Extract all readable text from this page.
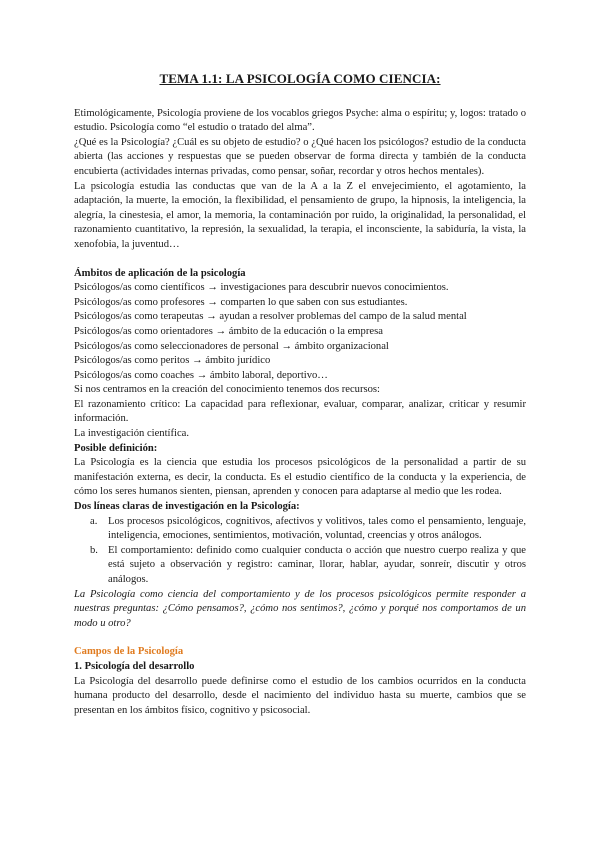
TEMA 1.1: LA PSICOLOGÍA COMO CIENCIA:

Etimológicamente, Psicología proviene de los vocablos griegos Psyche: alma o espíritu; y, logos: tratado o estudio. Psicología como “el estudio o tratado del alma”.

¿Qué es la Psicología? ¿Cuál es su objeto de estudio? o ¿Qué hacen los psicólogos? estudio de la conducta abierta (las acciones y respuestas que se pueden observar de forma directa y también de la conducta encubierta (actividades internas privadas, como pensar, soñar, recordar y otros hechos mentales).

La psicología estudia las conductas que van de la A a la Z el envejecimiento, el agotamiento, la adaptación, la muerte, la emoción, la flexibilidad, el pensamiento de grupo, la hipnosis, la inteligencia, la alegría, la cinestesia, el amor, la memoria, la contaminación por ruido, la originalidad, la personalidad, el razonamiento cuantitativo, la represión, la sexualidad, la terapia, el inconsciente, la sabiduría, la vista, la xenofobia, la juventud…

Ámbitos de aplicación de la psicología

Psicólogos/as como científicos → investigaciones para descubrir nuevos conocimientos.

Psicólogos/as como profesores → comparten lo que saben con sus estudiantes.

Psicólogos/as como terapeutas → ayudan a resolver problemas del campo de la salud mental

Psicólogos/as como orientadores → ámbito de la educación o la empresa

Psicólogos/as como seleccionadores de personal → ámbito organizacional

Psicólogos/as como peritos → ámbito jurídico

Psicólogos/as como coaches → ámbito laboral, deportivo…

Si nos centramos en la creación del conocimiento tenemos dos recursos:

El razonamiento crítico: La capacidad para reflexionar, evaluar, comparar, analizar, criticar y resumir información.

La investigación científica.

Posible definición:

La Psicología es la ciencia que estudia los procesos psicológicos de la personalidad a partir de su manifestación externa, es decir, la conducta. Es el estudio científico de la conducta y la experiencia, de cómo los seres humanos sienten, piensan, aprenden y conocen para adaptarse al medio que les rodea.

Dos líneas claras de investigación en la Psicología:

a. Los procesos psicológicos, cognitivos, afectivos y volitivos, tales como el pensamiento, lenguaje, inteligencia, emociones, sentimientos, motivación, voluntad, creencias y otros análogos.
b. El comportamiento: definido como cualquier conducta o acción que nuestro cuerpo realiza y que está sujeto a observación y registro: caminar, llorar, hablar, ayudar, sonreír, discutir y otros análogos.

La Psicología como ciencia del comportamiento y de los procesos psicológicos permite responder a nuestras preguntas: ¿Cómo pensamos?, ¿cómo nos sentimos?, ¿cómo y porqué nos comportamos de un modo u otro?

Campos de la Psicología

1. Psicología del desarrollo

La Psicología del desarrollo puede definirse como el estudio de los cambios ocurridos en la conducta humana producto del desarrollo, desde el nacimiento del individuo hasta su muerte, cambios que se presentan en los ámbitos físico, cognitivo y psicosocial.
